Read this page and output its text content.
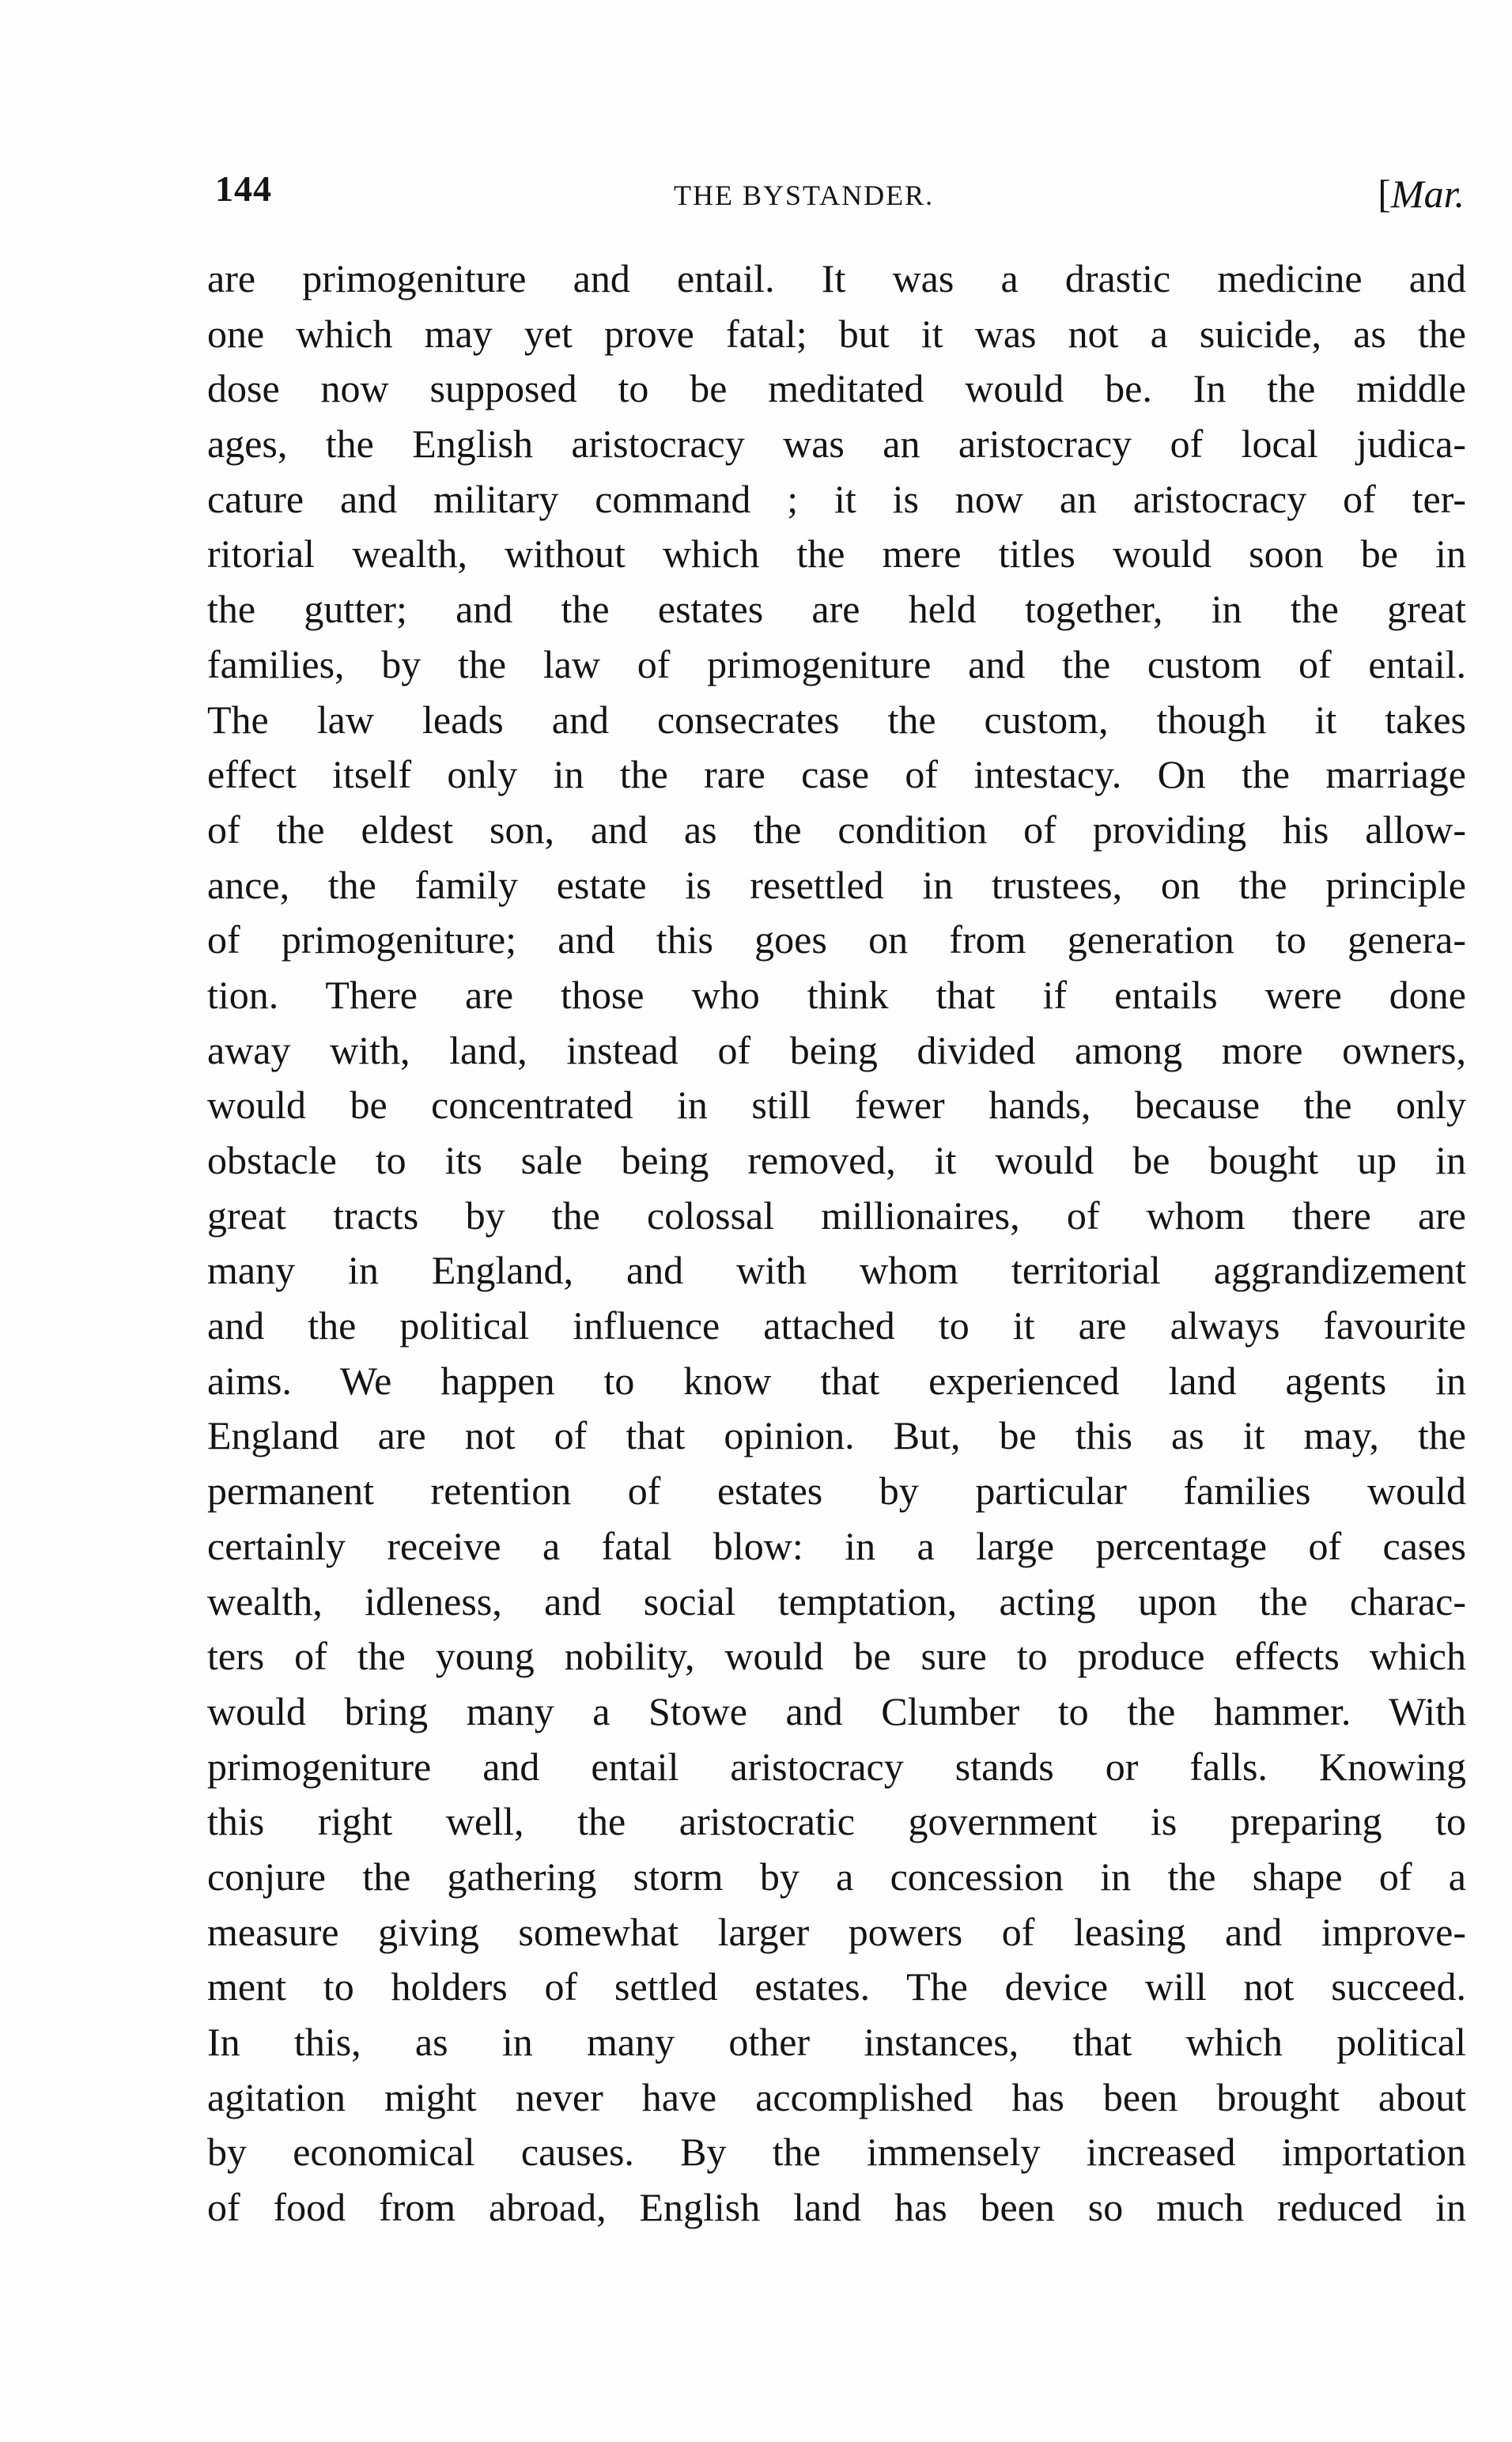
144	THE BYSTANDER.	[Mar.
are primogeniture and entail. It was a drastic medicine and
one which may yet prove fatal; but it was not a suicide, as the
dose now supposed to be meditated would be. In the middle
ages, the English aristocracy was an aristocracy of local judica-
cature and military command ; it is now an aristocracy of ter-
ritorial wealth, without which the mere titles would soon be in
the gutter; and the estates are held together, in the great
families, by the law of primogeniture and the custom of entail.
The law leads and consecrates the custom, though it takes
effect itself only in the rare case of intestacy. On the marriage
of the eldest son, and as the condition of providing his allow-
ance, the family estate is resettled in trustees, on the principle
of primogeniture; and this goes on from generation to genera-
tion. There are those who think that if entails were done
away with, land, instead of being divided among more owners,
would be concentrated in still fewer hands, because the only
obstacle to its sale being removed, it would be bought up in
great tracts by the colossal millionaires, of whom there are
many in England, and with whom territorial aggrandizement
and the political influence attached to it are always favourite
aims. We happen to know that experienced land agents in
England are not of that opinion. But, be this as it may, the
permanent retention of estates by particular families would
certainly receive a fatal blow: in a large percentage of cases
wealth, idleness, and social temptation, acting upon the charac-
ters of the young nobility, would be sure to produce effects which
would bring many a Stowe and Clumber to the hammer. With
primogeniture and entail aristocracy stands or falls. Knowing
this right well, the aristocratic government is preparing to
conjure the gathering storm by a concession in the shape of a
measure giving somewhat larger powers of leasing and improve-
ment to holders of settled estates. The device will not succeed.
In this, as in many other instances, that which political
agitation might never have accomplished has been brought about
by economical causes. By the immensely increased importation
of food from abroad, English land has been so much reduced in
